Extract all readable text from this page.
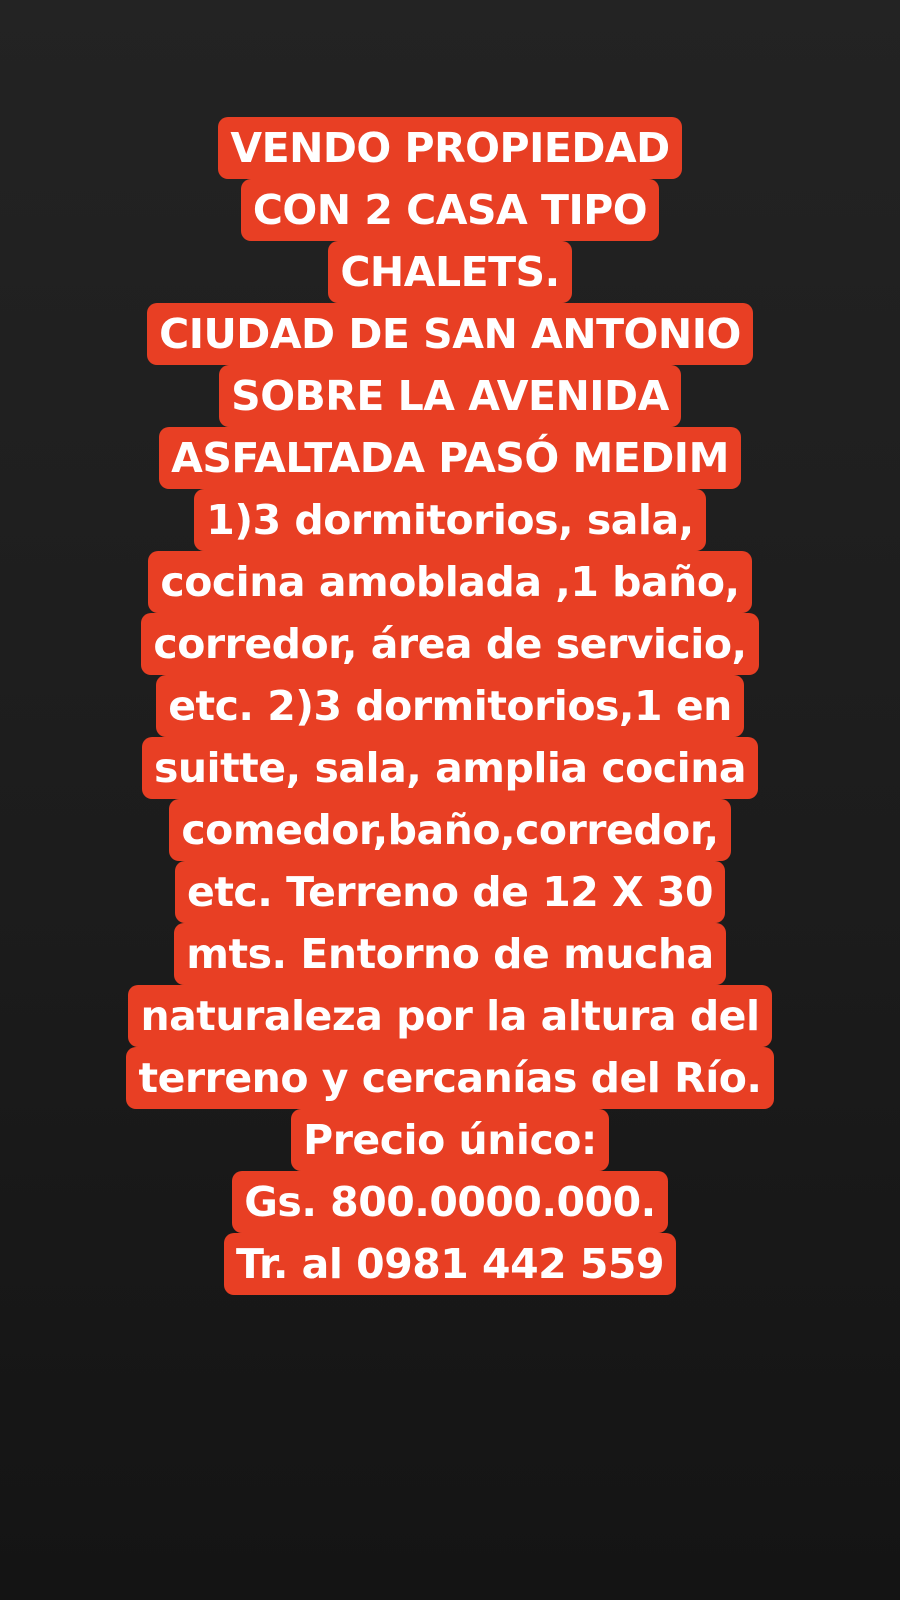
VENDO PROPIEDAD
CON 2 CASA TIPO
CHALETS.
CIUDAD DE SAN ANTONIO
SOBRE LA AVENIDA
ASFALTADA PASÓ MEDIM
1)3 dormitorios, sala,
cocina amoblada ,1 baño,
corredor, área de servicio,
etc. 2)3 dormitorios,1 en
suitte, sala, amplia cocina
comedor,baño,corredor,
etc. Terreno de 12 X 30
mts. Entorno de mucha
naturaleza por la altura del
terreno y cercanías del Río.
Precio único:
Gs. 800.0000.000.
Tr. al 0981 442 559
